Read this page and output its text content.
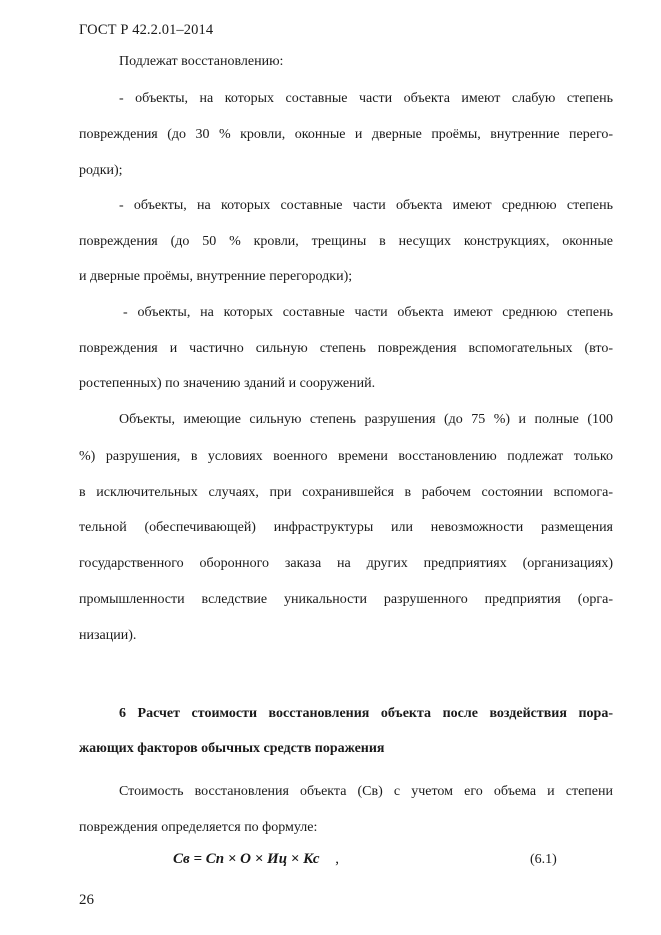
ГОСТ Р 42.2.01–2014
Подлежат восстановлению:
- объекты, на которых составные части объекта имеют слабую степень
повреждения (до 30 % кровли, оконные и дверные проёмы, внутренние перего-
родки);
- объекты, на которых составные части объекта имеют среднюю степень
повреждения (до 50 % кровли, трещины в несущих конструкциях, оконные
и дверные проёмы, внутренние перегородки);
- объекты, на которых составные части объекта имеют среднюю степень
повреждения и частично сильную степень повреждения вспомогательных (вто-
ростепенных) по значению зданий и сооружений.
Объекты, имеющие сильную степень разрушения (до 75 %) и полные (100
%) разрушения, в условиях военного времени восстановлению подлежат только
в исключительных случаях, при сохранившейся в рабочем состоянии вспомога-
тельной (обеспечивающей) инфраструктуры или невозможности размещения
государственного оборонного заказа на других предприятиях (организациях)
промышленности вследствие уникальности разрушенного предприятия (орга-
низации).
6 Расчет стоимости восстановления объекта после воздействия пора-
жающих факторов обычных средств поражения
Стоимость восстановления объекта (Св) с учетом его объема и степени
повреждения определяется по формуле:
Cв = Cп × O × Иц × Кс ,	(6.1)
26
